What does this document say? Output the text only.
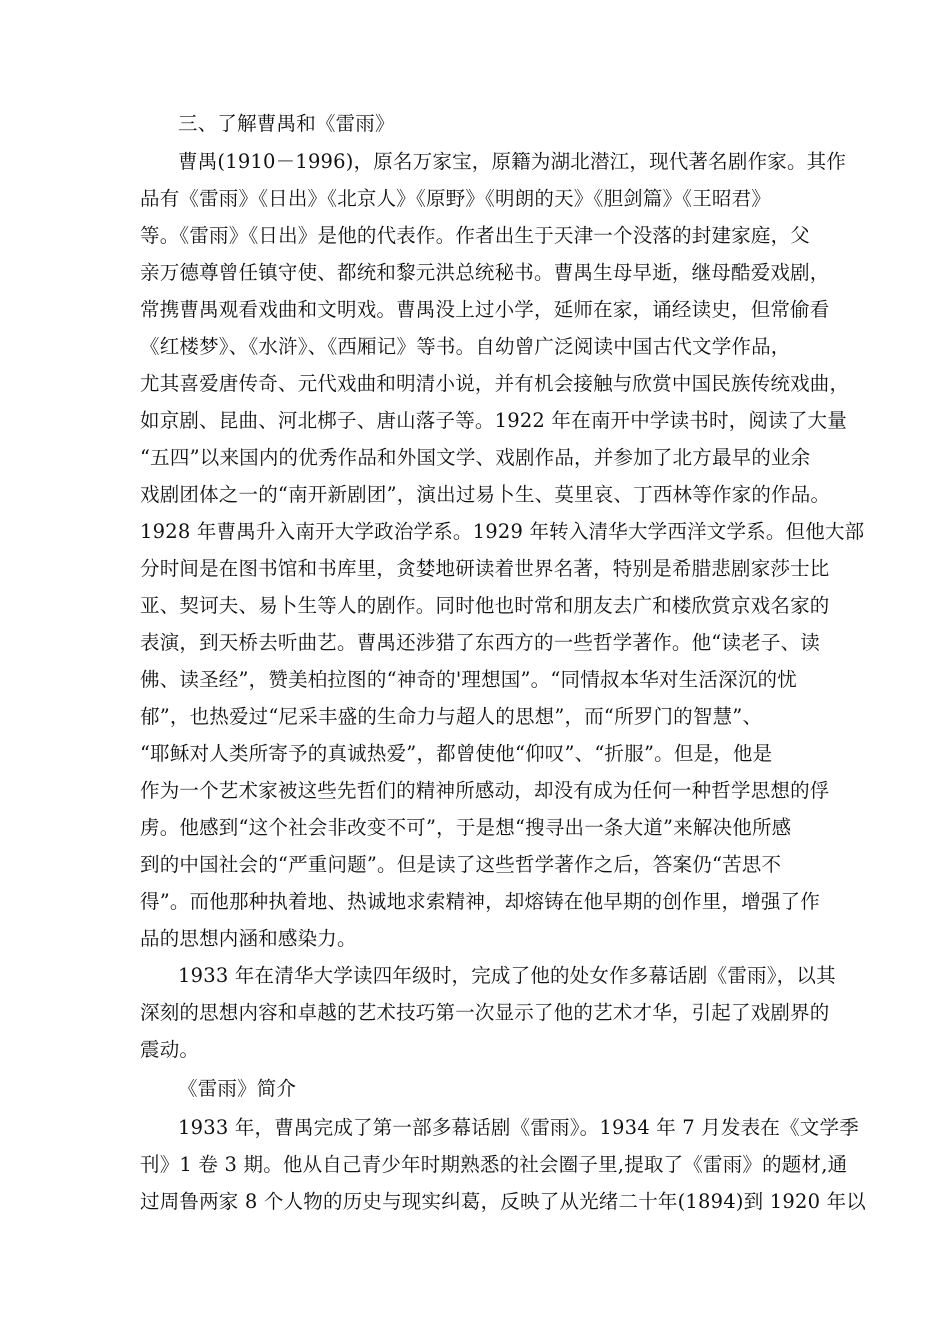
三、了解曹禺和《雷雨》
曹禺(1910－1996)，原名万家宝，原籍为湖北潜江，现代著名剧作家。其作
品有《雷雨》《日出》《北京人》《原野》《明朗的天》《胆剑篇》《王昭君》
等。《雷雨》《日出》是他的代表作。作者出生于天津一个没落的封建家庭，父
亲万德尊曾任镇守使、都统和黎元洪总统秘书。曹禺生母早逝，继母酷爱戏剧，
常携曹禺观看戏曲和文明戏。曹禺没上过小学，延师在家，诵经读史，但常偷看
《红楼梦》、《水浒》、《西厢记》等书。自幼曾广泛阅读中国古代文学作品，
尤其喜爱唐传奇、元代戏曲和明清小说，并有机会接触与欣赏中国民族传统戏曲，
如京剧、昆曲、河北梆子、唐山落子等。1922 年在南开中学读书时，阅读了大量
“五四”以来国内的优秀作品和外国文学、戏剧作品，并参加了北方最早的业余
戏剧团体之一的“南开新剧团”，演出过易卜生、莫里哀、丁西林等作家的作品。
1928 年曹禺升入南开大学政治学系。1929 年转入清华大学西洋文学系。但他大部
分时间是在图书馆和书库里，贪婪地研读着世界名著，特别是希腊悲剧家莎士比
亚、契诃夫、易卜生等人的剧作。同时他也时常和朋友去广和楼欣赏京戏名家的
表演，到天桥去听曲艺。曹禺还涉猎了东西方的一些哲学著作。他“读老子、读
佛、读圣经”，赞美柏拉图的“神奇的'理想国”。“同情叔本华对生活深沉的忧
郁”，也热爱过“尼采丰盛的生命力与超人的思想”，而“所罗门的智慧”、
“耶稣对人类所寄予的真诚热爱”，都曾使他“仰叹”、“折服”。但是，他是
作为一个艺术家被这些先哲们的精神所感动，却没有成为任何一种哲学思想的俘
虏。他感到“这个社会非改变不可”，于是想“搜寻出一条大道”来解决他所感
到的中国社会的“严重问题”。但是读了这些哲学著作之后，答案仍“苦思不
得”。而他那种执着地、热诚地求索精神，却熔铸在他早期的创作里，增强了作
品的思想内涵和感染力。
1933 年在清华大学读四年级时，完成了他的处女作多幕话剧《雷雨》，以其
深刻的思想内容和卓越的艺术技巧第一次显示了他的艺术才华，引起了戏剧界的
震动。
《雷雨》简介
1933 年，曹禺完成了第一部多幕话剧《雷雨》。1934 年 7 月发表在《文学季
刊》1 卷 3 期。他从自己青少年时期熟悉的社会圈子里,提取了《雷雨》的题材,通
过周鲁两家 8 个人物的历史与现实纠葛，反映了从光绪二十年(1894)到 1920 年以
